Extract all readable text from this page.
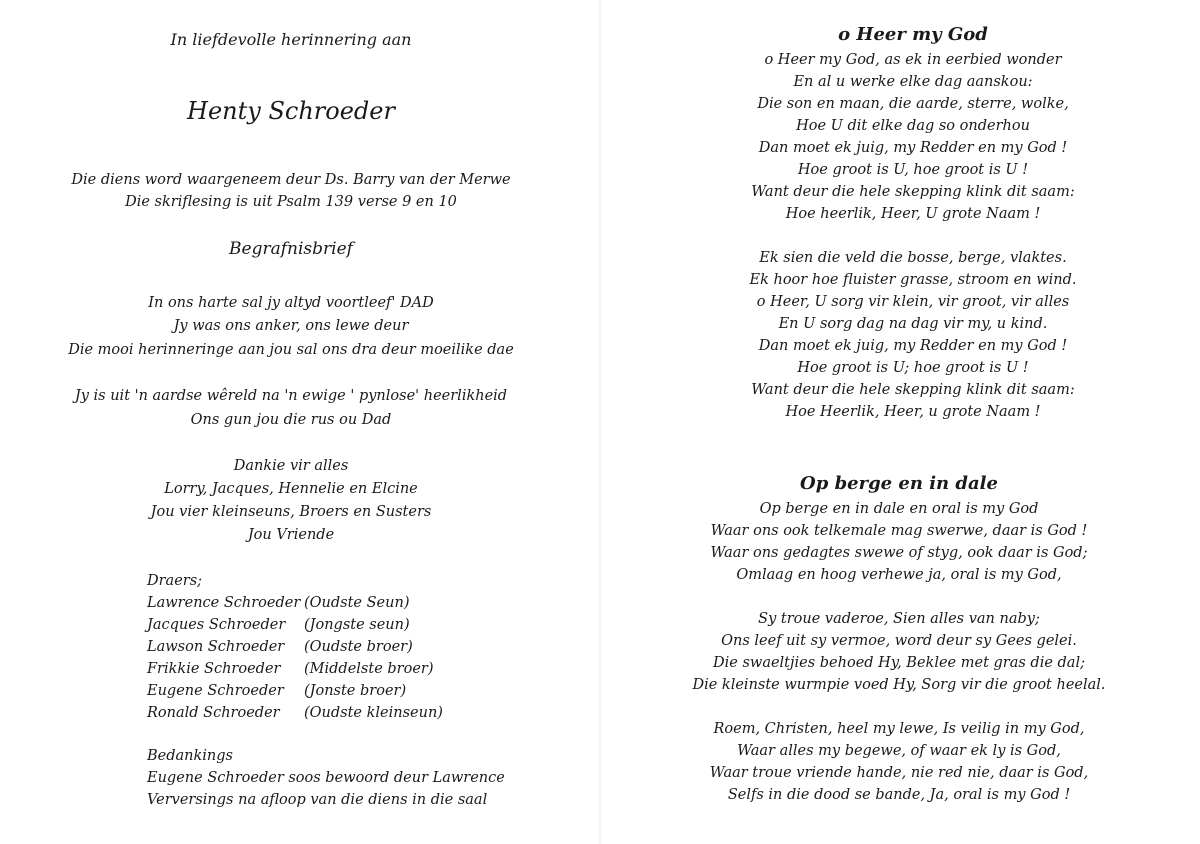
In liefdevolle herinnering aan
Henty Schroeder
Die diens word waargeneem deur Ds. Barry van der Merwe
Die skriflesing is uit Psalm 139 verse 9 en 10
Begrafnisbrief
In ons harte sal jy altyd voortleef' DAD
Jy was ons anker, ons lewe deur
Die mooi herinneringe aan jou sal ons dra deur moeilike dae
Jy is uit 'n aardse wêreld na 'n ewige ' pynlose' heerlikheid
Ons gun jou die rus ou Dad
Dankie vir alles
Lorry, Jacques, Hennelie en Elcine
Jou vier kleinseuns, Broers en Susters
Jou Vriende
Draers;
Lawrence Schroeder (Oudste Seun)
Jacques Schroeder (Jongste seun)
Lawson Schroeder (Oudste broer)
Frikkie Schroeder (Middelste broer)
Eugene Schroeder (Jonste broer)
Ronald Schroeder (Oudste kleinseun)
Bedankings
Eugene Schroeder soos bewoord deur Lawrence
Verversings na afloop van die diens in die saal
o Heer my God
o Heer my God, as ek in eerbied wonder
En al u werke elke dag aanskou:
Die son en maan, die aarde, sterre, wolke,
Hoe U dit elke dag so onderhou
Dan moet ek juig, my Redder en my God !
Hoe groot is U, hoe groot is U !
Want deur die hele skepping klink dit saam:
Hoe heerlik, Heer, U grote Naam !
Ek sien die veld die bosse, berge, vlaktes.
Ek hoor hoe fluister grasse, stroom en wind.
o Heer, U sorg vir klein, vir groot, vir alles
En U sorg dag na dag vir my, u kind.
Dan moet ek juig, my Redder en my God !
Hoe groot is U; hoe groot is U !
Want deur die hele skepping klink dit saam:
Hoe Heerlik, Heer, u grote Naam !
Op berge en in dale
Op berge en in dale en oral is my God
Waar ons ook telkemale mag swerwe, daar is God !
Waar ons gedagtes swewe of styg, ook daar is God;
Omlaag en hoog verhewe ja, oral is my God,
Sy troue vaderoe, Sien alles van naby;
Ons leef uit sy vermoe, word deur sy Gees gelei.
Die swaeltjies behoed Hy, Beklee met gras die dal;
Die kleinste wurmpie voed Hy, Sorg vir die groot heelal.
Roem, Christen, heel my lewe, Is veilig in my God,
Waar alles my begewe, of waar ek ly is God,
Waar troue vriende hande, nie red nie, daar is God,
Selfs in die dood se bande, Ja, oral is my God !
